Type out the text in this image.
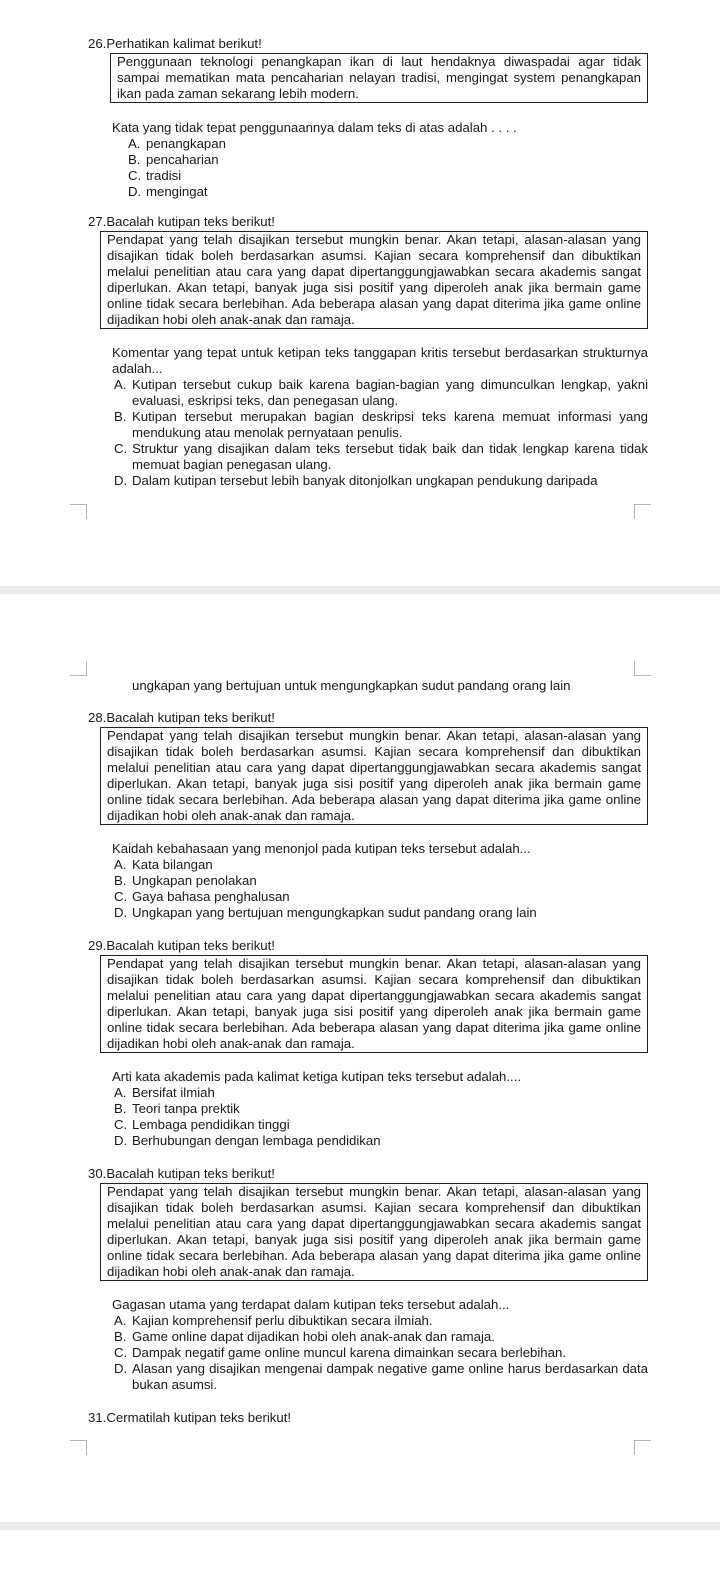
26.Perhatikan kalimat berikut!
Penggunaan teknologi penangkapan ikan di laut hendaknya diwaspadai agar tidak sampai mematikan mata pencaharian nelayan tradisi, mengingat system penangkapan ikan pada zaman sekarang lebih modern.
Kata yang tidak tepat penggunaannya dalam teks di atas adalah . . . .
A. penangkapan
B. pencaharian
C. tradisi
D. mengingat
27.Bacalah kutipan teks berikut!
Pendapat yang telah disajikan tersebut mungkin benar. Akan tetapi, alasan-alasan yang disajikan tidak boleh berdasarkan asumsi. Kajian secara komprehensif dan dibuktikan melalui penelitian atau cara yang dapat dipertanggungjawabkan secara akademis sangat diperlukan. Akan tetapi, banyak juga sisi positif yang diperoleh anak jika bermain game online tidak secara berlebihan. Ada beberapa alasan yang dapat diterima jika game online dijadikan hobi oleh anak-anak dan ramaja.
Komentar yang tepat untuk ketipan teks tanggapan kritis tersebut berdasarkan strukturnya adalah...
A. Kutipan tersebut cukup baik karena bagian-bagian yang dimunculkan lengkap, yakni evaluasi, eskripsi teks, dan penegasan ulang.
B. Kutipan tersebut merupakan bagian deskripsi teks karena memuat informasi yang mendukung atau menolak pernyataan penulis.
C. Struktur yang disajikan dalam teks tersebut tidak baik dan tidak lengkap karena tidak memuat bagian penegasan ulang.
D. Dalam kutipan tersebut lebih banyak ditonjolkan ungkapan pendukung daripada
ungkapan yang bertujuan untuk mengungkapkan sudut pandang orang lain
28.Bacalah kutipan teks berikut!
Pendapat yang telah disajikan tersebut mungkin benar. Akan tetapi, alasan-alasan yang disajikan tidak boleh berdasarkan asumsi. Kajian secara komprehensif dan dibuktikan melalui penelitian atau cara yang dapat dipertanggungjawabkan secara akademis sangat diperlukan. Akan tetapi, banyak juga sisi positif yang diperoleh anak jika bermain game online tidak secara berlebihan. Ada beberapa alasan yang dapat diterima jika game online dijadikan hobi oleh anak-anak dan ramaja.
Kaidah kebahasaan yang menonjol pada kutipan teks tersebut adalah...
A. Kata bilangan
B. Ungkapan penolakan
C. Gaya bahasa penghalusan
D. Ungkapan yang bertujuan mengungkapkan sudut pandang orang lain
29.Bacalah kutipan teks berikut!
Pendapat yang telah disajikan tersebut mungkin benar. Akan tetapi, alasan-alasan yang disajikan tidak boleh berdasarkan asumsi. Kajian secara komprehensif dan dibuktikan melalui penelitian atau cara yang dapat dipertanggungjawabkan secara akademis sangat diperlukan. Akan tetapi, banyak juga sisi positif yang diperoleh anak jika bermain game online tidak secara berlebihan. Ada beberapa alasan yang dapat diterima jika game online dijadikan hobi oleh anak-anak dan ramaja.
Arti kata akademis pada kalimat ketiga kutipan teks tersebut adalah....
A. Bersifat ilmiah
B. Teori tanpa prektik
C. Lembaga pendidikan tinggi
D. Berhubungan dengan lembaga pendidikan
30.Bacalah kutipan teks berikut!
Pendapat yang telah disajikan tersebut mungkin benar. Akan tetapi, alasan-alasan yang disajikan tidak boleh berdasarkan asumsi. Kajian secara komprehensif dan dibuktikan melalui penelitian atau cara yang dapat dipertanggungjawabkan secara akademis sangat diperlukan. Akan tetapi, banyak juga sisi positif yang diperoleh anak jika bermain game online tidak secara berlebihan. Ada beberapa alasan yang dapat diterima jika game online dijadikan hobi oleh anak-anak dan ramaja.
Gagasan utama yang terdapat dalam kutipan teks tersebut adalah...
A. Kajian komprehensif perlu dibuktikan secara ilmiah.
B. Game online dapat dijadikan hobi oleh anak-anak dan ramaja.
C. Dampak negatif game online muncul karena dimainkan secara berlebihan.
D. Alasan yang disajikan mengenai dampak negative game online harus berdasarkan data bukan asumsi.
31.Cermatilah kutipan teks berikut!
